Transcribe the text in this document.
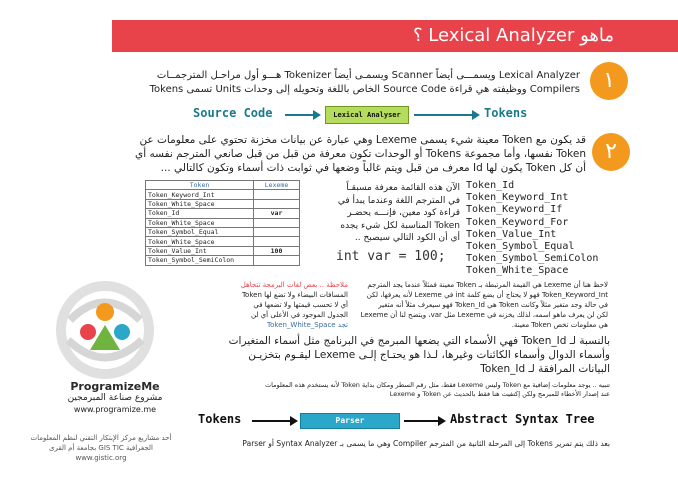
ماهو Lexical Analyzer ؟
١
Lexical Analyzer ويسمـــى أيضاً Scanner ويسمـى أيضاً Tokenizer هـــو أول مراحـل المترجمــات
Compilers ووظيفته هي قراءة Source Code الخاص باللغة وتحويله إلى وحدات Units تسمى Tokens
Source Code	Lexical Analyser	Tokens
٢
قد يكون مع Token معينة شيء يسمى Lexeme وهي عبارة عن بيانات مخزنة تحتوي على معلومات عن
Token نفسها، وأما مجموعة Tokens أو الوحدات تكون معرفة من قبل من قبل صانعي المترجم نفسه أي
أن كل Token يكون لها Id معرف من قبل ويتم غالباً وضعها في ثوابت ذات أسماء وتكون كالتالي ...
Token	Lexeme
Token_Keyword_Int	
Token_White_Space	
Token_Id	var
Token_White_Space	
Token_Symbol_Equal	
Token_White_Space	
Token_Value_Int	100
Token_Symbol_SemiColon	
الآن هذه القائمة معرفة مسبقـاً
في المترجم اللغة وعندما يبدأ في
قراءة كود معين، فإنـــه يحضـر
Token المناسبة لكل شيء يجده
أي أن الكود التالي سيصبح ..
int var = 100;
Token_Id
Token_Keyword_Int
Token_Keyword_If
Token_Keyword_For
Token_Value_Int
Token_Symbol_Equal
Token_Symbol_SemiColon
Token_White_Space
ملاحظة .. بعض لغات البرمجة تتجاهل
المسافات البيضاء ولا تضع لها Token
أي لا تحسب قيمتها ولا تضعها في
الجدول الموجود في الأعلى أي لن
تجد Token_White_Space
لاحظ هنا أن Lexeme هي القيمة المرتبطة بـ Token معينة فمثلاً عندما يجد المترجم
Token_Keyword_Int فهو لا يحتاج أن يضع كلمة int في Lexeme لأنه يعرفها، لكن
في حالة وجد متغير مثلاً وكانت Token هي Token_Id فهو سيعرف مثلاً أنه متغير
لكن لن يعرف ماهو اسمه، لذلك يخزنه في Lexeme مثل var، ويتضح لنا أن Lexeme
هي معلومات تخص Token معينة.
بالنسبة لـ Token_Id فهي الأسماء التي يضعها المبرمج في البرنامج مثل أسماء المتغيرات
وأسماء الدوال وأسماء الكائنات وغيرها، لـذا هو يحتـاج إلـى Lexeme ليقـوم بتخزيـن
البيانات المرافقة لـ Token_Id
تنبيه .. يوجد معلومات إضافية مع Token وليس Lexeme فقط، مثل رقم السطر ومكان بداية Token لأنه يستخدم هذه المعلومات
عند إصدار الأخطاء للمبرمج ولكن إكتفيت هنا فقط بالحديث عن Token و Lexeme
Tokens	Parser	Abstract Syntax Tree
بعد ذلك يتم تمرير Tokens إلى المرحلة الثانية من المترجم Compiler وهي ما يسمى بـ Syntax Analyzer أو Parser
ProgramizeMe
مشروع صناعة المبرمجين
www.programize.me
أحد مشاريع مركز الإبتكار التقني لنظم المعلومات
الجغرافية GIS TIC بجامعة أم القرى
www.gistic.org
